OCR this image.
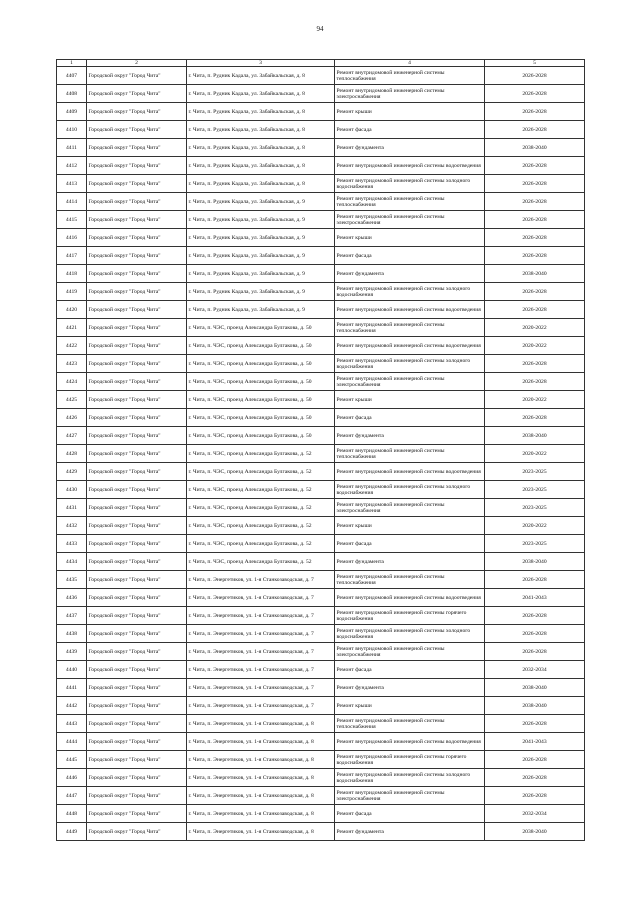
94
1	2	3	4	5
4407	Городской округ "Город Чита"	г. Чита, п. Рудник Кадала, ул. Забайкальская, д. 8	Ремонт внутридомовой инженерной системы теплоснабжения	2026-2028
4408	Городской округ "Город Чита"	г. Чита, п. Рудник Кадала, ул. Забайкальская, д. 8	Ремонт внутридомовой инженерной системы электроснабжения	2026-2028
4409	Городской округ "Город Чита"	г. Чита, п. Рудник Кадала, ул. Забайкальская, д. 8	Ремонт крыши	2026-2028
4410	Городской округ "Город Чита"	г. Чита, п. Рудник Кадала, ул. Забайкальская, д. 8	Ремонт фасада	2026-2028
4411	Городской округ "Город Чита"	г. Чита, п. Рудник Кадала, ул. Забайкальская, д. 8	Ремонт фундамента	2038-2040
4412	Городской округ "Город Чита"	г. Чита, п. Рудник Кадала, ул. Забайкальская, д. 8	Ремонт внутридомовой инженерной системы водоотведения	2026-2028
4413	Городской округ "Город Чита"	г. Чита, п. Рудник Кадала, ул. Забайкальская, д. 8	Ремонт внутридомовой инженерной системы холодного водоснабжения	2026-2028
4414	Городской округ "Город Чита"	г. Чита, п. Рудник Кадала, ул. Забайкальская, д. 9	Ремонт внутридомовой инженерной системы теплоснабжения	2026-2028
4415	Городской округ "Город Чита"	г. Чита, п. Рудник Кадала, ул. Забайкальская, д. 9	Ремонт внутридомовой инженерной системы электроснабжения	2026-2028
4416	Городской округ "Город Чита"	г. Чита, п. Рудник Кадала, ул. Забайкальская, д. 9	Ремонт крыши	2026-2028
4417	Городской округ "Город Чита"	г. Чита, п. Рудник Кадала, ул. Забайкальская, д. 9	Ремонт фасада	2026-2028
4418	Городской округ "Город Чита"	г. Чита, п. Рудник Кадала, ул. Забайкальская, д. 9	Ремонт фундамента	2038-2040
4419	Городской округ "Город Чита"	г. Чита, п. Рудник Кадала, ул. Забайкальская, д. 9	Ремонт внутридомовой инженерной системы холодного водоснабжения	2026-2028
4420	Городской округ "Город Чита"	г. Чита, п. Рудник Кадала, ул. Забайкальская, д. 9	Ремонт внутридомовой инженерной системы водоотведения	2026-2028
4421	Городской округ "Город Чита"	г. Чита, п. ЧЭС, проезд Александра Булгакова, д. 50	Ремонт внутридомовой инженерной системы теплоснабжения	2020-2022
4422	Городской округ "Город Чита"	г. Чита, п. ЧЭС, проезд Александра Булгакова, д. 50	Ремонт внутридомовой инженерной системы водоотведения	2020-2022
4423	Городской округ "Город Чита"	г. Чита, п. ЧЭС, проезд Александра Булгакова, д. 50	Ремонт внутридомовой инженерной системы холодного водоснабжения	2026-2028
4424	Городской округ "Город Чита"	г. Чита, п. ЧЭС, проезд Александра Булгакова, д. 50	Ремонт внутридомовой инженерной системы электроснабжения	2026-2028
4425	Городской округ "Город Чита"	г. Чита, п. ЧЭС, проезд Александра Булгакова, д. 50	Ремонт крыши	2020-2022
4426	Городской округ "Город Чита"	г. Чита, п. ЧЭС, проезд Александра Булгакова, д. 50	Ремонт фасада	2026-2028
4427	Городской округ "Город Чита"	г. Чита, п. ЧЭС, проезд Александра Булгакова, д. 50	Ремонт фундамента	2038-2040
4428	Городской округ "Город Чита"	г. Чита, п. ЧЭС, проезд Александра Булгакова, д. 52	Ремонт внутридомовой инженерной системы теплоснабжения	2020-2022
4429	Городской округ "Город Чита"	г. Чита, п. ЧЭС, проезд Александра Булгакова, д. 52	Ремонт внутридомовой инженерной системы водоотведения	2023-2025
4430	Городской округ "Город Чита"	г. Чита, п. ЧЭС, проезд Александра Булгакова, д. 52	Ремонт внутридомовой инженерной системы холодного водоснабжения	2023-2025
4431	Городской округ "Город Чита"	г. Чита, п. ЧЭС, проезд Александра Булгакова, д. 52	Ремонт внутридомовой инженерной системы электроснабжения	2023-2025
4432	Городской округ "Город Чита"	г. Чита, п. ЧЭС, проезд Александра Булгакова, д. 52	Ремонт крыши	2020-2022
4433	Городской округ "Город Чита"	г. Чита, п. ЧЭС, проезд Александра Булгакова, д. 52	Ремонт фасада	2023-2025
4434	Городской округ "Город Чита"	г. Чита, п. ЧЭС, проезд Александра Булгакова, д. 52	Ремонт фундамента	2038-2040
4435	Городской округ "Город Чита"	г. Чита, п. Энергетиков, ул. 1-я Станкозаводская, д. 7	Ремонт внутридомовой инженерной системы теплоснабжения	2026-2028
4436	Городской округ "Город Чита"	г. Чита, п. Энергетиков, ул. 1-я Станкозаводская, д. 7	Ремонт внутридомовой инженерной системы водоотведения	2041-2043
4437	Городской округ "Город Чита"	г. Чита, п. Энергетиков, ул. 1-я Станкозаводская, д. 7	Ремонт внутридомовой инженерной системы горячего водоснабжения	2026-2028
4438	Городской округ "Город Чита"	г. Чита, п. Энергетиков, ул. 1-я Станкозаводская, д. 7	Ремонт внутридомовой инженерной системы холодного водоснабжения	2026-2028
4439	Городской округ "Город Чита"	г. Чита, п. Энергетиков, ул. 1-я Станкозаводская, д. 7	Ремонт внутридомовой инженерной системы электроснабжения	2026-2028
4440	Городской округ "Город Чита"	г. Чита, п. Энергетиков, ул. 1-я Станкозаводская, д. 7	Ремонт фасада	2032-2034
4441	Городской округ "Город Чита"	г. Чита, п. Энергетиков, ул. 1-я Станкозаводская, д. 7	Ремонт фундамента	2038-2040
4442	Городской округ "Город Чита"	г. Чита, п. Энергетиков, ул. 1-я Станкозаводская, д. 7	Ремонт крыши	2038-2040
4443	Городской округ "Город Чита"	г. Чита, п. Энергетиков, ул. 1-я Станкозаводская, д. 8	Ремонт внутридомовой инженерной системы теплоснабжения	2026-2028
4444	Городской округ "Город Чита"	г. Чита, п. Энергетиков, ул. 1-я Станкозаводская, д. 8	Ремонт внутридомовой инженерной системы водоотведения	2041-2043
4445	Городской округ "Город Чита"	г. Чита, п. Энергетиков, ул. 1-я Станкозаводская, д. 8	Ремонт внутридомовой инженерной системы горячего водоснабжения	2026-2028
4446	Городской округ "Город Чита"	г. Чита, п. Энергетиков, ул. 1-я Станкозаводская, д. 8	Ремонт внутридомовой инженерной системы холодного водоснабжения	2026-2028
4447	Городской округ "Город Чита"	г. Чита, п. Энергетиков, ул. 1-я Станкозаводская, д. 8	Ремонт внутридомовой инженерной системы электроснабжения	2026-2028
4448	Городской округ "Город Чита"	г. Чита, п. Энергетиков, ул. 1-я Станкозаводская, д. 8	Ремонт фасада	2032-2034
4449	Городской округ "Город Чита"	г. Чита, п. Энергетиков, ул. 1-я Станкозаводская, д. 8	Ремонт фундамента	2038-2040
